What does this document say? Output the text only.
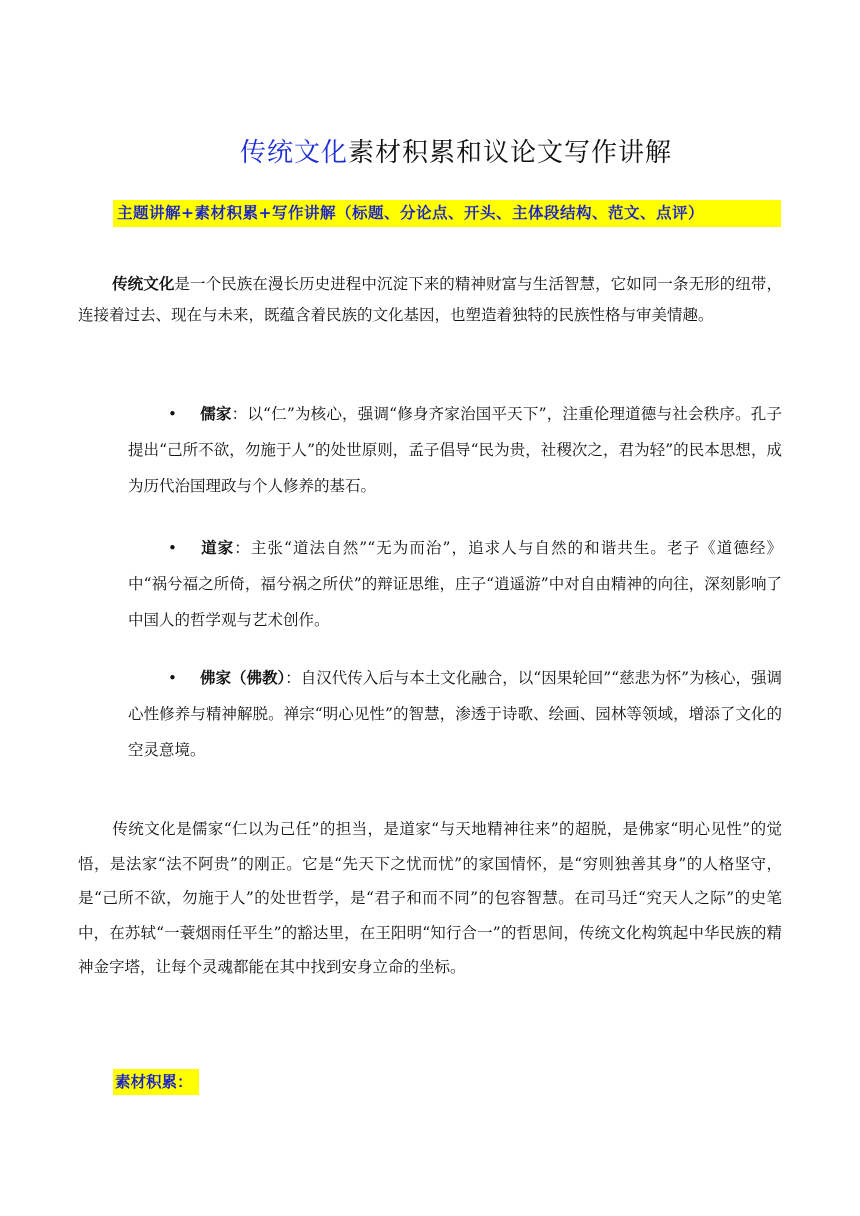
传统文化素材积累和议论文写作讲解
主题讲解+素材积累+写作讲解（标题、分论点、开头、主体段结构、范文、点评）
传统文化是一个民族在漫长历史进程中沉淀下来的精神财富与生活智慧，它如同一条无形的纽带，连接着过去、现在与未来，既蕴含着民族的文化基因，也塑造着独特的民族性格与审美情趣。
• 儒家：以“仁”为核心，强调“修身齐家治国平天下”，注重伦理道德与社会秩序。孔子提出“己所不欲，勿施于人”的处世原则，孟子倡导“民为贵，社稷次之，君为轻”的民本思想，成为历代治国理政与个人修养的基石。
• 道家：主张“道法自然”“无为而治”，追求人与自然的和谐共生。老子《道德经》中“祸兮福之所倚，福兮祸之所伏”的辩证思维，庄子“逍遥游”中对自由精神的向往，深刻影响了中国人的哲学观与艺术创作。
• 佛家（佛教）：自汉代传入后与本土文化融合，以“因果轮回”“慈悲为怀”为核心，强调心性修养与精神解脱。禅宗“明心见性”的智慧，渗透于诗歌、绘画、园林等领域，增添了文化的空灵意境。
传统文化是儒家“仁以为己任”的担当，是道家“与天地精神往来”的超脱，是佛家“明心见性”的觉悟，是法家“法不阿贵”的刚正。它是“先天下之忧而忧”的家国情怀，是“穷则独善其身”的人格坚守，是“己所不欲，勿施于人”的处世哲学，是“君子和而不同”的包容智慧。在司马迁“究天人之际”的史笔中，在苏轼“一蓑烟雨任平生”的豁达里，在王阳明“知行合一”的哲思间，传统文化构筑起中华民族的精神金字塔，让每个灵魂都能在其中找到安身立命的坐标。
素材积累：
